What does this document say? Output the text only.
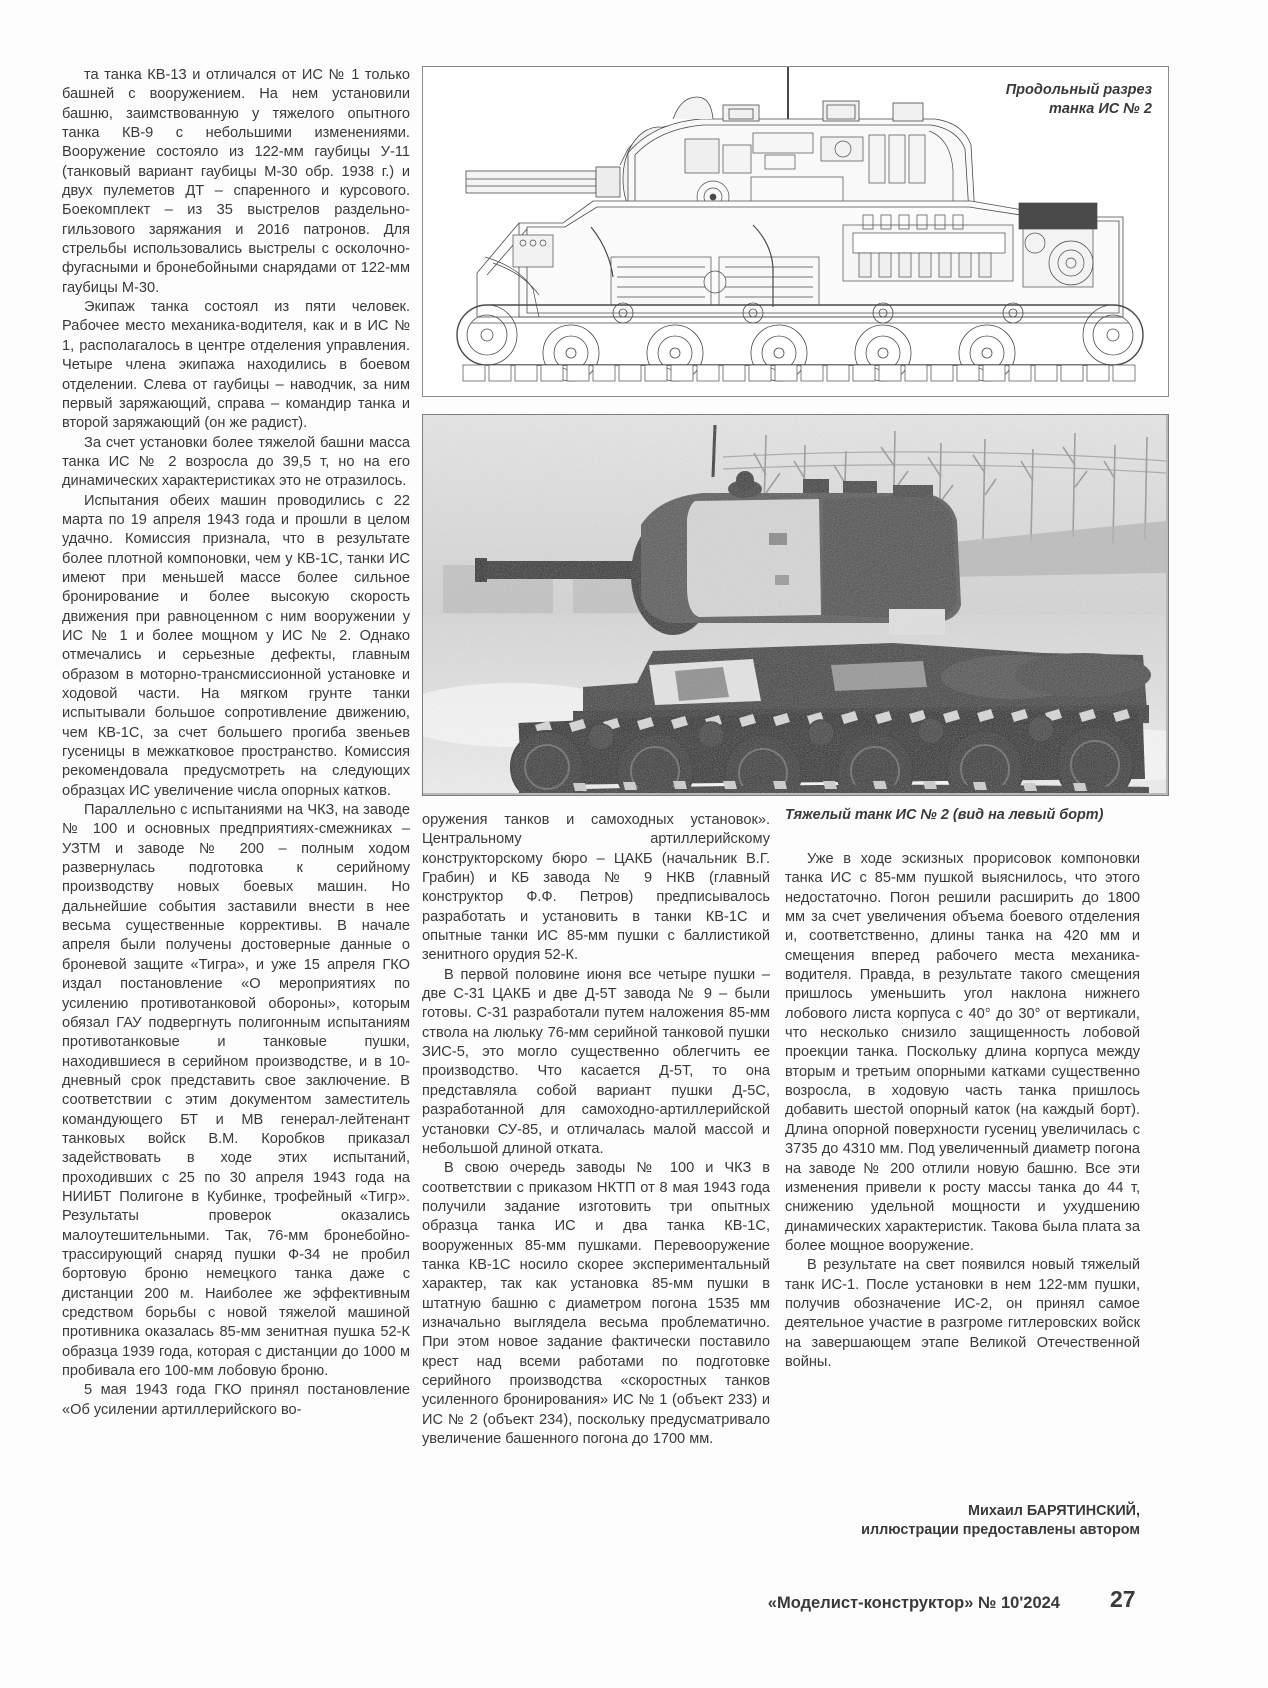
Продольный разрез
танка ИС № 2
Тяжелый танк ИС № 2 (вид на левый борт)

та танка КВ-13 и отличался от ИС № 1 только башней с вооружением. На нем установили башню, заимствованную у тяжелого опытного танка КВ-9 с небольшими изменениями. Вооружение состояло из 122-мм гаубицы У-11 (танковый вариант гаубицы М-30 обр. 1938 г.) и двух пулеметов ДТ – спаренного и курсового. Боекомплект – из 35 выстрелов раздельно-гильзового заряжания и 2016 патронов. Для стрельбы использовались выстрелы с осколочно-фугасными и бронебойными снарядами от 122-мм гаубицы М-30.

Экипаж танка состоял из пяти человек. Рабочее место механика-водителя, как и в ИС № 1, располагалось в центре отделения управления. Четыре члена экипажа находились в боевом отделении. Слева от гаубицы – наводчик, за ним первый заряжающий, справа – командир танка и второй заряжающий (он же радист).

За счет установки более тяжелой башни масса танка ИС № 2 возросла до 39,5 т, но на его динамических характеристиках это не отразилось.

Испытания обеих машин проводились с 22 марта по 19 апреля 1943 года и прошли в целом удачно. Комиссия признала, что в результате более плотной компоновки, чем у КВ-1С, танки ИС имеют при меньшей массе более сильное бронирование и более высокую скорость движения при равноценном с ним вооружении у ИС № 1 и более мощном у ИС № 2. Однако отмечались и серьезные дефекты, главным образом в моторно-трансмиссионной установке и ходовой части. На мягком грунте танки испытывали большое сопротивление движению, чем КВ-1С, за счет большего прогиба звеньев гусеницы в межкатковое пространство. Комиссия рекомендовала предусмотреть на следующих образцах ИС увеличение числа опорных катков.

Параллельно с испытаниями на ЧКЗ, на заводе № 100 и основных предприятиях-смежниках – УЗТМ и заводе № 200 – полным ходом развернулась подготовка к серийному производству новых боевых машин. Но дальнейшие события заставили внести в нее весьма существенные коррективы. В начале апреля были получены достоверные данные о броневой защите «Тигра», и уже 15 апреля ГКО издал постановление «О мероприятиях по усилению противотанковой обороны», которым обязал ГАУ подвергнуть полигонным испытаниям противотанковые и танковые пушки, находившиеся в серийном производстве, и в 10-дневный срок представить свое заключение. В соответствии с этим документом заместитель командующего БТ и МВ генерал-лейтенант танковых войск В.М. Коробков приказал задействовать в ходе этих испытаний, проходивших с 25 по 30 апреля 1943 года на НИИБТ Полигоне в Кубинке, трофейный «Тигр». Результаты проверок оказались малоутешительными. Так, 76-мм бронебойно-трассирующий снаряд пушки Ф-34 не пробил бортовую броню немецкого танка даже с дистанции 200 м. Наиболее же эффективным средством борьбы с новой тяжелой машиной противника оказалась 85-мм зенитная пушка 52-К образца 1939 года, которая с дистанции до 1000 м пробивала его 100-мм лобовую броню.

5 мая 1943 года ГКО принял постановление «Об усилении артиллерийского во-

оружения танков и самоходных установок». Центральному артиллерийскому конструкторскому бюро – ЦАКБ (начальник В.Г. Грабин) и КБ завода № 9 НКВ (главный конструктор Ф.Ф. Петров) предписывалось разработать и установить в танки КВ-1С и опытные танки ИС 85-мм пушки с баллистикой зенитного орудия 52-К.

В первой половине июня все четыре пушки – две С-31 ЦАКБ и две Д-5Т завода № 9 – были готовы. С-31 разработали путем наложения 85-мм ствола на люльку 76-мм серийной танковой пушки ЗИС-5, это могло существенно облегчить ее производство. Что касается Д-5Т, то она представляла собой вариант пушки Д-5С, разработанной для самоходно-артиллерийской установки СУ-85, и отличалась малой массой и небольшой длиной отката.

В свою очередь заводы № 100 и ЧКЗ в соответствии с приказом НКТП от 8 мая 1943 года получили задание изготовить три опытных образца танка ИС и два танка КВ-1С, вооруженных 85-мм пушками. Перевооружение танка КВ-1С носило скорее экспериментальный характер, так как установка 85-мм пушки в штатную башню с диаметром погона 1535 мм изначально выглядела весьма проблематично. При этом новое задание фактически поставило крест над всеми работами по подготовке серийного производства «скоростных танков усиленного бронирования» ИС № 1 (объект 233) и ИС № 2 (объект 234), поскольку предусматривало увеличение башенного погона до 1700 мм.

Уже в ходе эскизных прорисовок компоновки танка ИС с 85-мм пушкой выяснилось, что этого недостаточно. Погон решили расширить до 1800 мм за счет увеличения объема боевого отделения и, соответственно, длины танка на 420 мм и смещения вперед рабочего места механика-водителя. Правда, в результате такого смещения пришлось уменьшить угол наклона нижнего лобового листа корпуса с 40° до 30° от вертикали, что несколько снизило защищенность лобовой проекции танка. Поскольку длина корпуса между вторым и третьим опорными катками существенно возросла, в ходовую часть танка пришлось добавить шестой опорный каток (на каждый борт). Длина опорной поверхности гусениц увеличилась с 3735 до 4310 мм. Под увеличенный диаметр погона на заводе № 200 отлили новую башню. Все эти изменения привели к росту массы танка до 44 т, снижению удельной мощности и ухудшению динамических характеристик. Такова была плата за более мощное вооружение.

В результате на свет появился новый тяжелый танк ИС-1. После установки в нем 122-мм пушки, получив обозначение ИС-2, он принял самое деятельное участие в разгроме гитлеровских войск на завершающем этапе Великой Отечественной войны.

Михаил БАРЯТИНСКИЙ,
иллюстрации предоставлены автором
«Моделист-конструктор» № 10'2024 27
